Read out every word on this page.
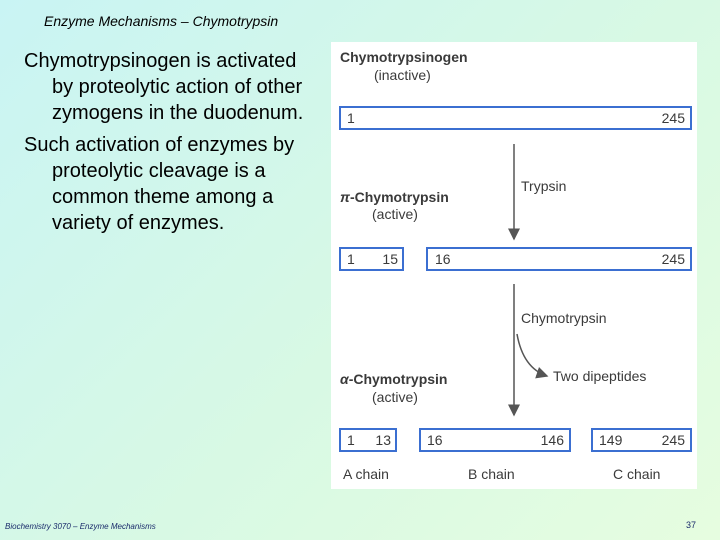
Enzyme Mechanisms – Chymotrypsin

Chymotrypsinogen is activated by proteolytic action of other zymogens in the duodenum.

Such activation of enzymes by proteolytic cleavage is a common theme among a variety of enzymes.

Chymotrypsinogen
(inactive)
1	245
Trypsin
π-Chymotrypsin
(active)
1 15	16	245
Chymotrypsin
Two dipeptides
α-Chymotrypsin
(active)
1 13	16	146	149	245
A chain	B chain	C chain
Biochemistry 3070 – Enzyme Mechanisms	37
